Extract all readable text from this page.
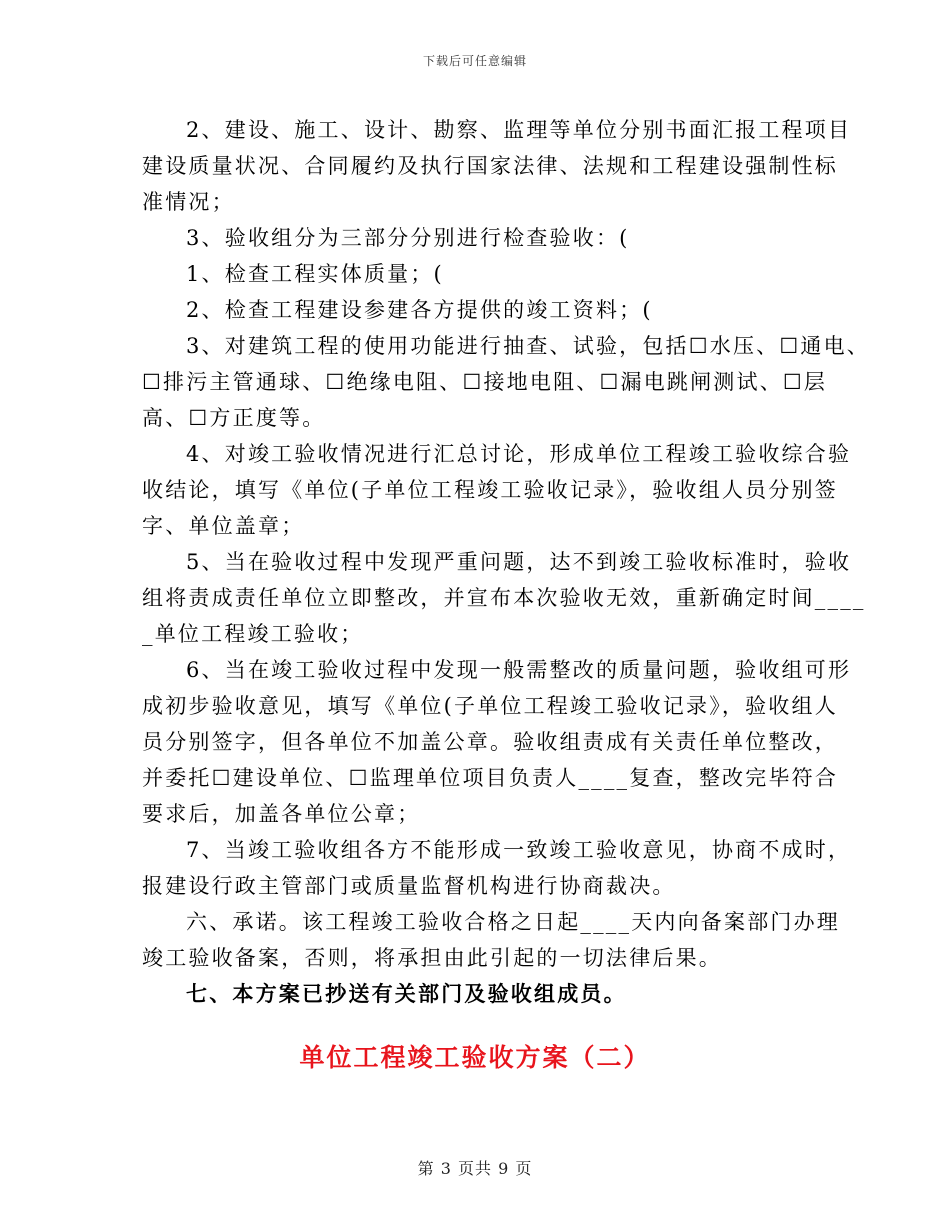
下载后可任意编辑
2、建设、施工、设计、勘察、监理等单位分别书面汇报工程项目
建设质量状况、合同履约及执行国家法律、法规和工程建设强制性标
准情况；
3、验收组分为三部分分别进行检查验收：(
1、检查工程实体质量；(
2、检查工程建设参建各方提供的竣工资料；(
3、对建筑工程的使用功能进行抽查、试验，包括☐水压、☐通电、
☐排污主管通球、☐绝缘电阻、☐接地电阻、☐漏电跳闸测试、☐层
高、☐方正度等。
4、对竣工验收情况进行汇总讨论，形成单位工程竣工验收综合验
收结论，填写《单位(子单位工程竣工验收记录》，验收组人员分别签
字、单位盖章；
5、当在验收过程中发现严重问题，达不到竣工验收标准时，验收
组将责成责任单位立即整改，并宣布本次验收无效，重新确定时间____
_单位工程竣工验收；
6、当在竣工验收过程中发现一般需整改的质量问题，验收组可形
成初步验收意见，填写《单位(子单位工程竣工验收记录》，验收组人
员分别签字，但各单位不加盖公章。验收组责成有关责任单位整改，
并委托☐建设单位、☐监理单位项目负责人____复查，整改完毕符合
要求后，加盖各单位公章；
7、当竣工验收组各方不能形成一致竣工验收意见，协商不成时，
报建设行政主管部门或质量监督机构进行协商裁决。
六、承诺。该工程竣工验收合格之日起____天内向备案部门办理
竣工验收备案，否则，将承担由此引起的一切法律后果。
七、本方案已抄送有关部门及验收组成员。
单位工程竣工验收方案（二）
第 3 页共 9 页
